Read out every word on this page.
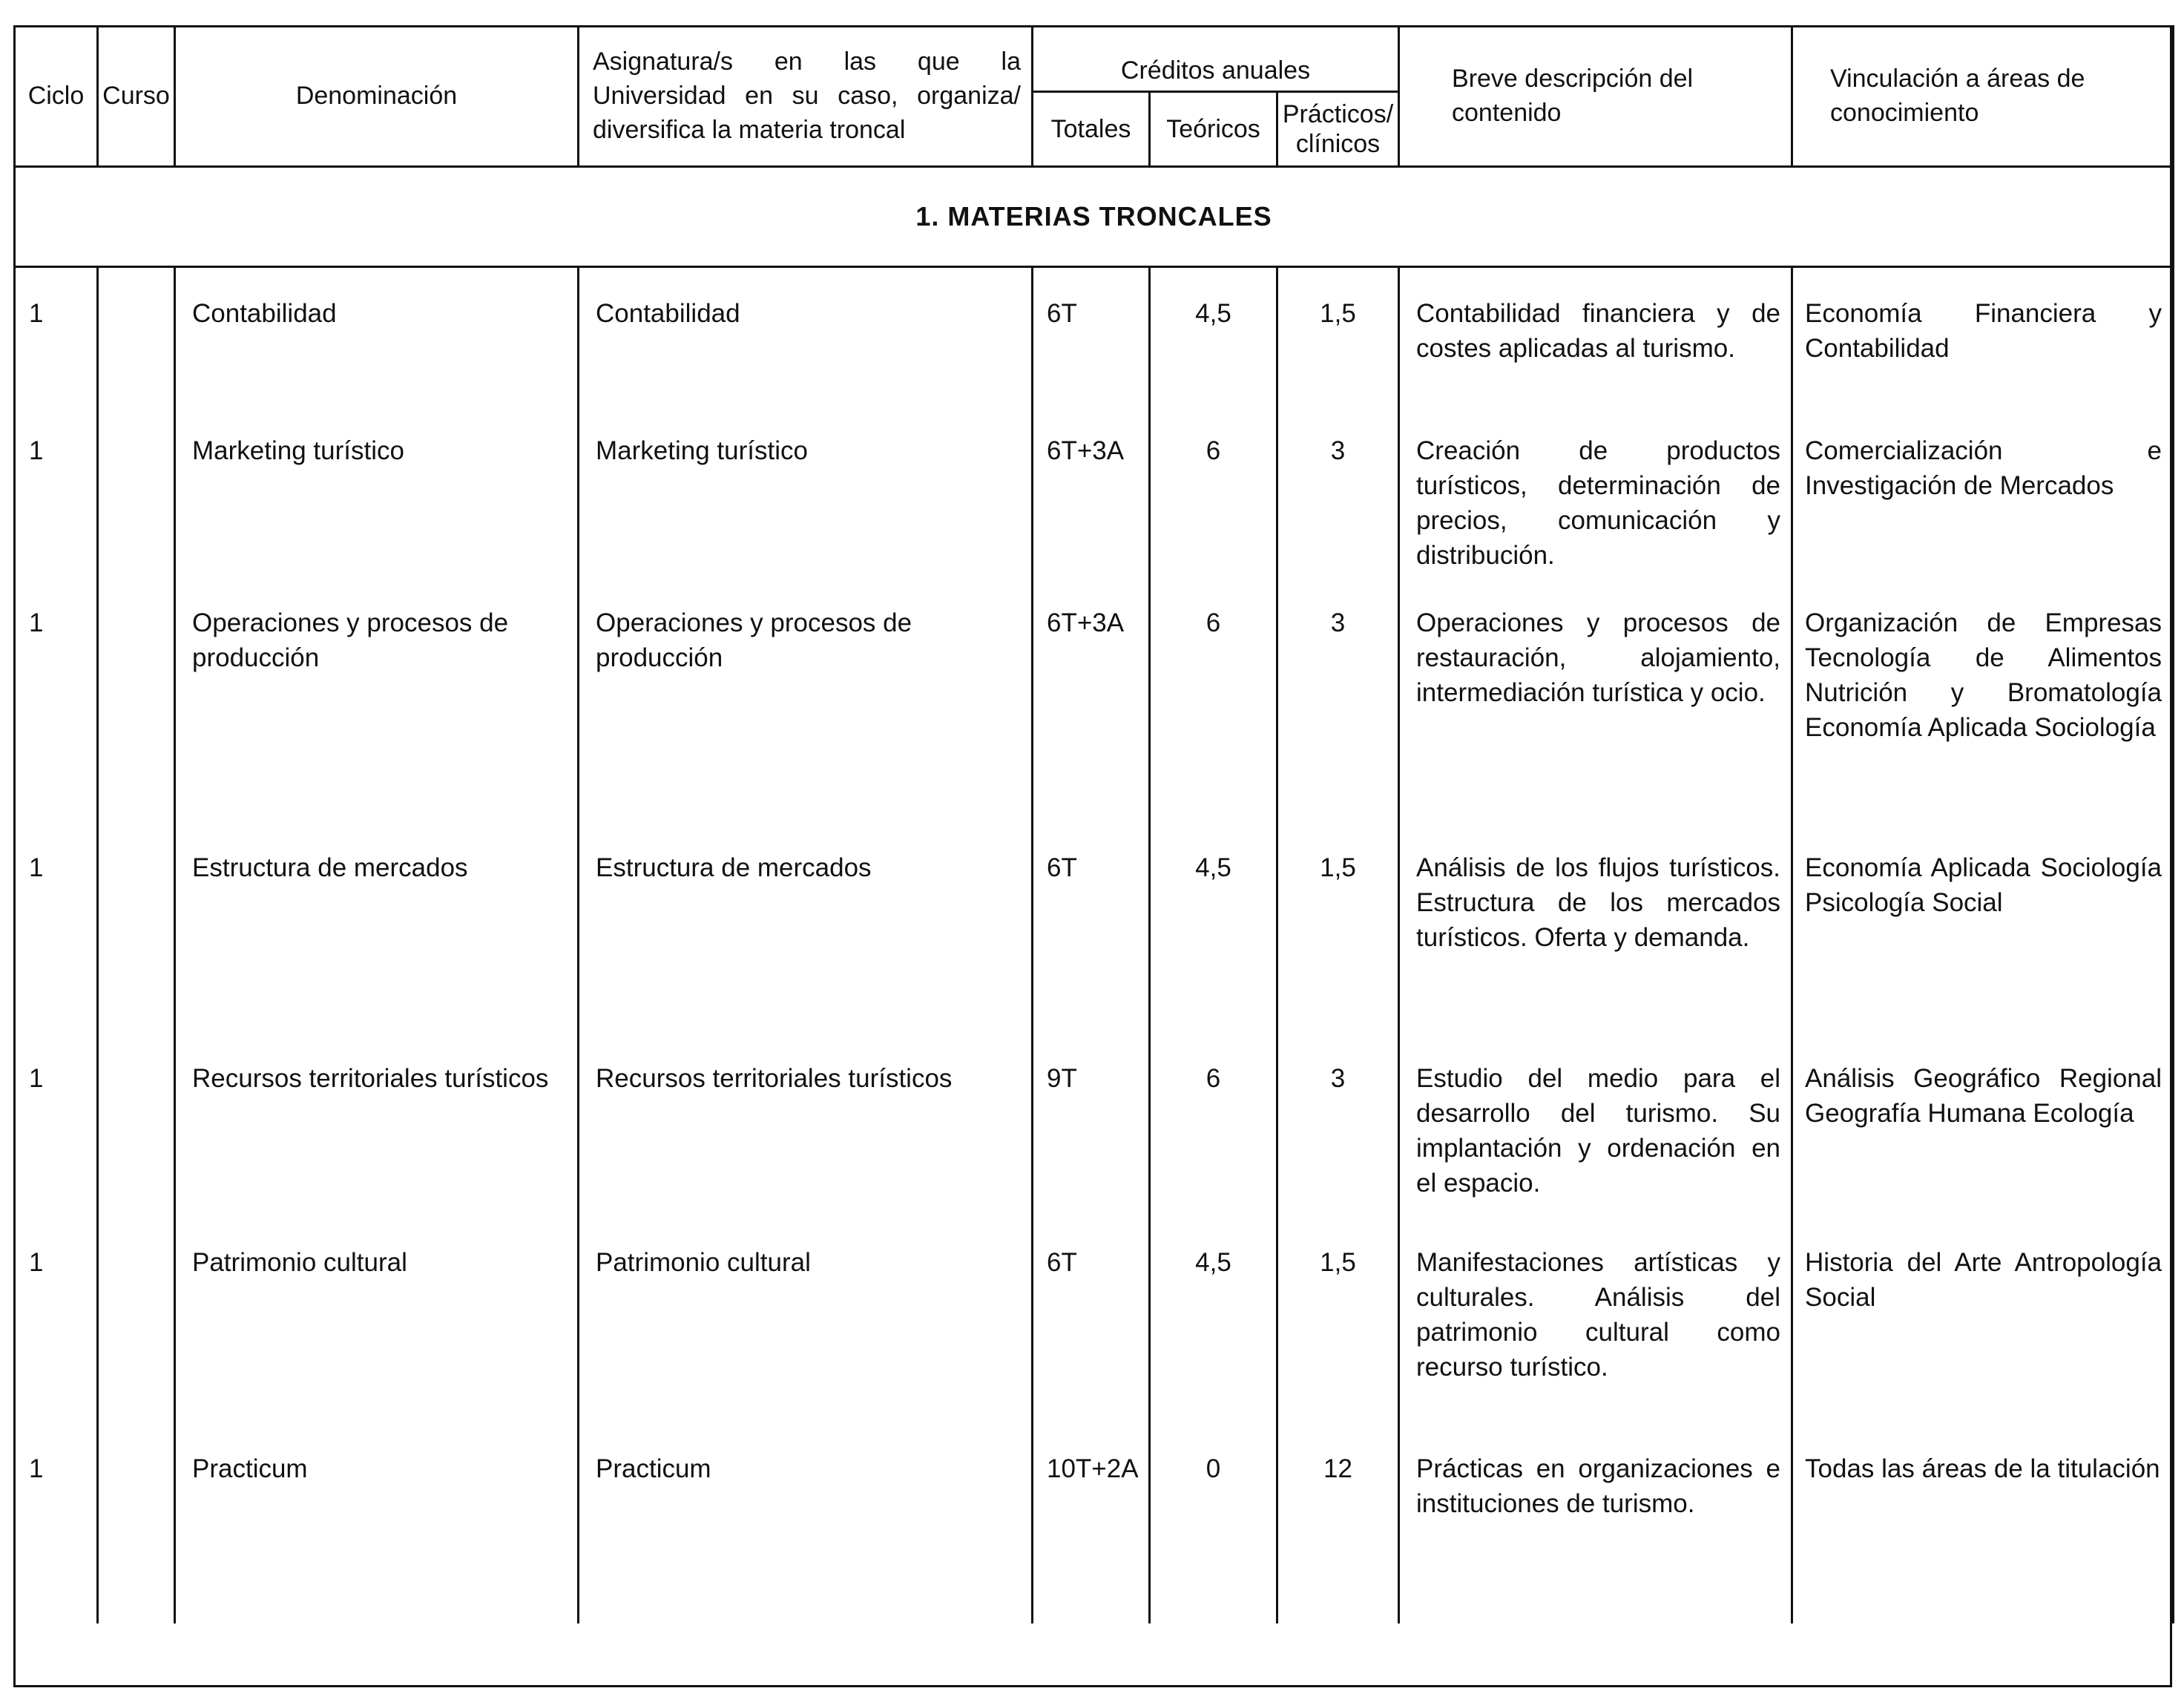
1. MATERIAS TRONCALES								
Ciclo	Curso	Denominación	Asignatura/s en las que la Universidad en su caso, organiza/ diversifica la materia troncal	Créditos anuales			Breve descripción del contenido	Vinculación a áreas de conocimiento
				Totales	Teóricos	Prácticos/ clínicos		

1		Contabilidad	Contabilidad	6T	4,5	1,5	Contabilidad financiera y de costes aplicadas al turismo.	Economía Financiera y Contabilidad

1		Marketing turístico	Marketing turístico	6T+3A	6	3	Creación de productos turísticos, determinación de precios, comunicación y distribución.	Comercialización e Investigación de Mercados

1		Operaciones y procesos de producción	Operaciones y procesos de producción	6T+3A	6	3	Operaciones y procesos de restauración, alojamiento, intermediación turística y ocio.	Organización de Empresas Tecnología de Alimentos Nutrición y Bromatología Economía Aplicada Sociología

1		Estructura de mercados	Estructura de mercados	6T	4,5	1,5	Análisis de los flujos turísticos. Estructura de los mercados turísticos. Oferta y demanda.	Economía Aplicada Sociología Psicología Social

1		Recursos territoriales turísticos	Recursos territoriales turísticos	9T	6	3	Estudio del medio para el desarrollo del turismo. Su implantación y ordenación en el espacio.	Análisis Geográfico Regional Geografía Humana Ecología

1		Patrimonio cultural	Patrimonio cultural	6T	4,5	1,5	Manifestaciones artísticas y culturales. Análisis del patrimonio cultural como recurso turístico.	Historia del Arte Antropología Social

1		Practicum	Practicum	10T+2A	0	12	Prácticas en organizaciones e instituciones de turismo.	Todas las áreas de la titulación
